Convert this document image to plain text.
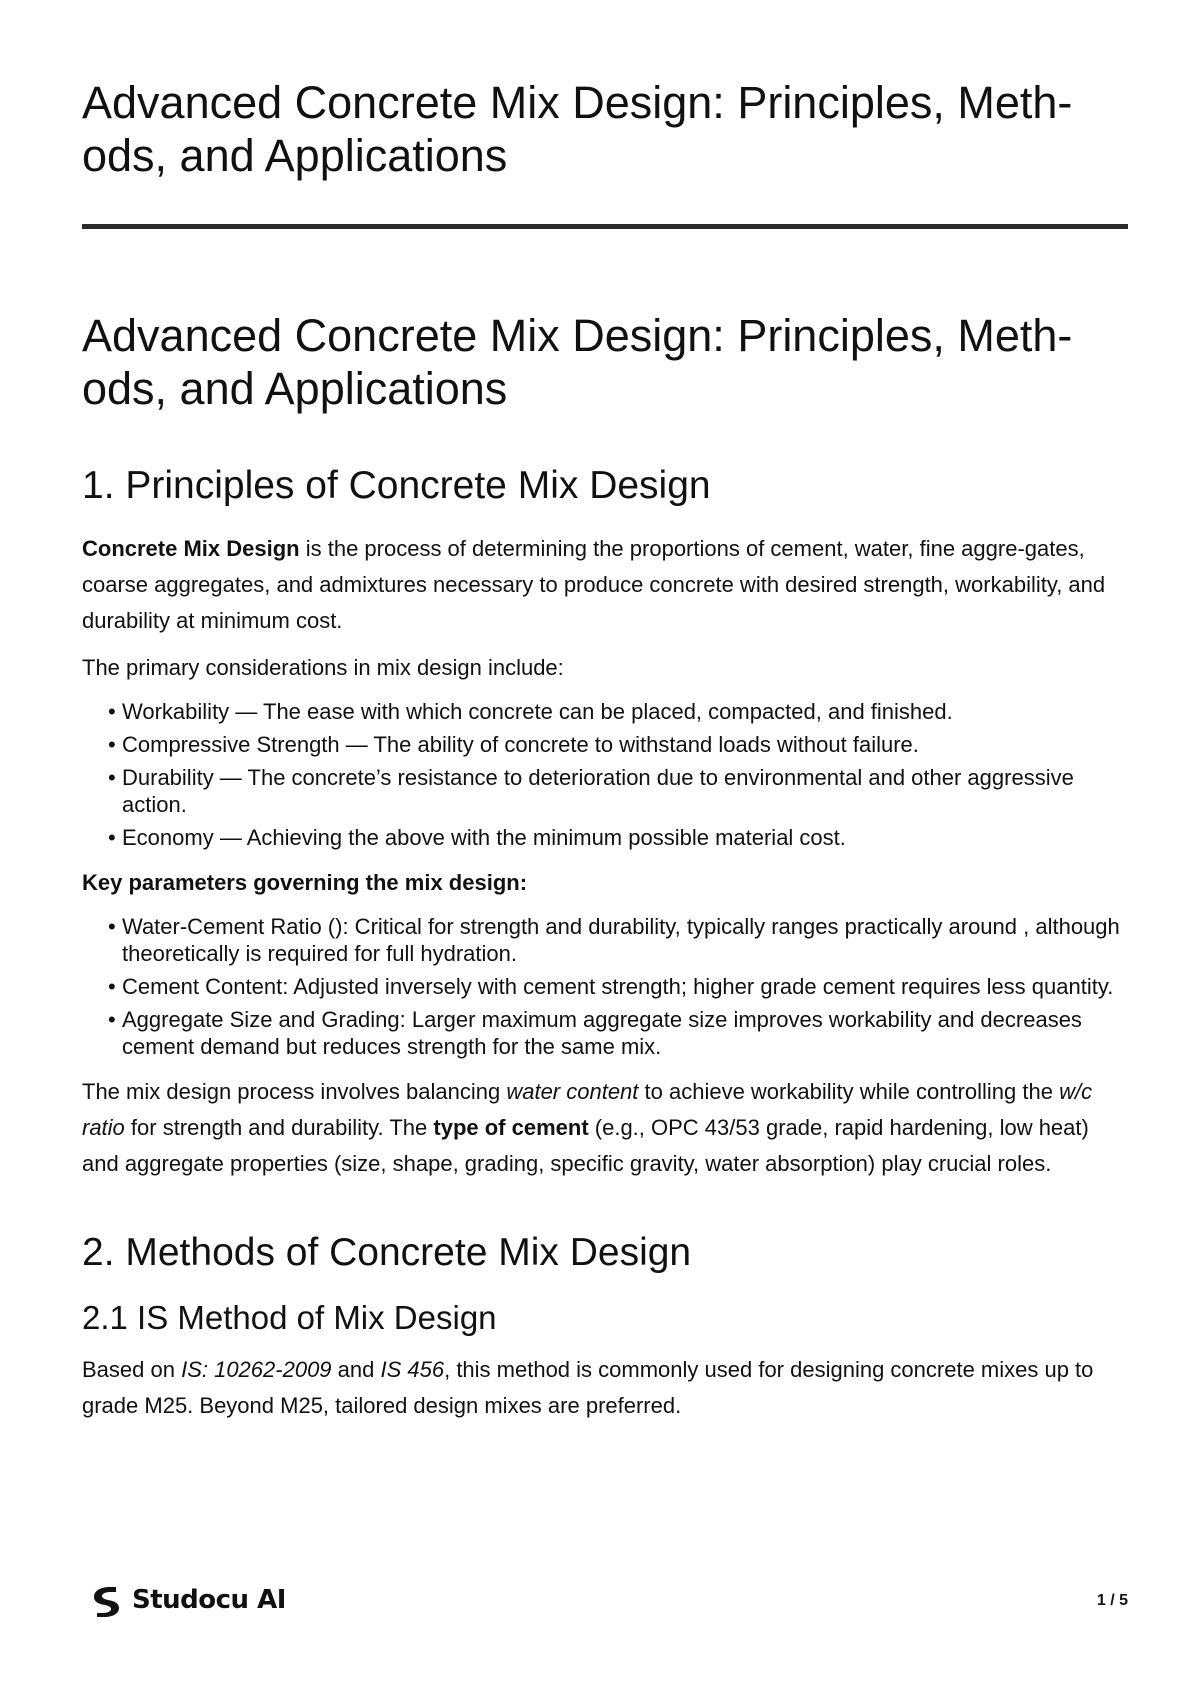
Advanced Concrete Mix Design: Principles, Meth-
ods, and Applications
Advanced Concrete Mix Design: Principles, Meth-
ods, and Applications
1. Principles of Concrete Mix Design

Concrete Mix Design is the process of determining the proportions of cement, water, fine aggre-gates, coarse aggregates, and admixtures necessary to produce concrete with desired strength, workability, and durability at minimum cost.

The primary considerations in mix design include:

• Workability — The ease with which concrete can be placed, compacted, and finished.
• Compressive Strength — The ability of concrete to withstand loads without failure.
• Durability — The concrete’s resistance to deterioration due to environmental and other aggressive action.
• Economy — Achieving the above with the minimum possible material cost.

Key parameters governing the mix design:

• Water-Cement Ratio (): Critical for strength and durability, typically ranges practically around , although theoretically is required for full hydration.
• Cement Content: Adjusted inversely with cement strength; higher grade cement requires less quantity.
• Aggregate Size and Grading: Larger maximum aggregate size improves workability and decreases cement demand but reduces strength for the same mix.

The mix design process involves balancing water content to achieve workability while controlling the w/c ratio for strength and durability. The type of cement (e.g., OPC 43/53 grade, rapid hardening, low heat) and aggregate properties (size, shape, grading, specific gravity, water absorption) play crucial roles.

2. Methods of Concrete Mix Design
2.1 IS Method of Mix Design

Based on IS: 10262-2009 and IS 456, this method is commonly used for designing concrete mixes up to grade M25. Beyond M25, tailored design mixes are preferred.

Studocu AI	1 / 5
